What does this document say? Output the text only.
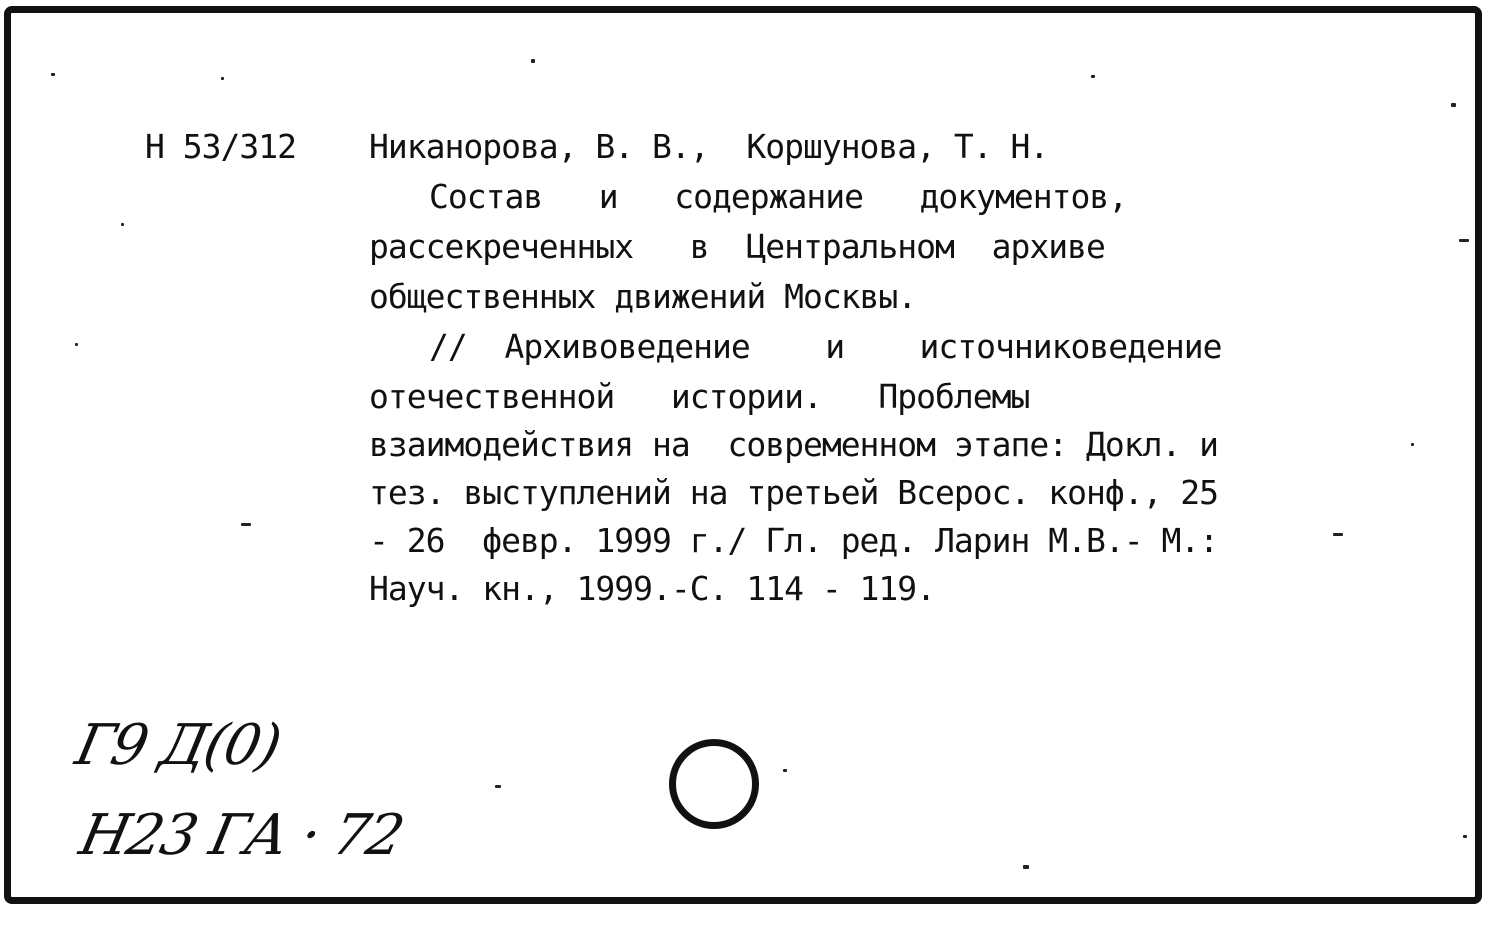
Н 53/312 Никанорова, В. В.,  Коршунова, Т. Н.
Состав   и   содержание   документов,
рассекреченных   в  Центральном  архиве
общественных движений Москвы.
//  Архивоведение    и    источниковедение
отечественной   истории.   Проблемы
взаимодействия на  современном этапе: Докл. и
тез. выступлений на третьей Всерос. конф., 25
- 26  февр. 1999 г./ Гл. ред. Ларин М.В.- М.:
Науч. кн., 1999.-С. 114 - 119.
Г9 Д(0)
Н23 ГА · 72
